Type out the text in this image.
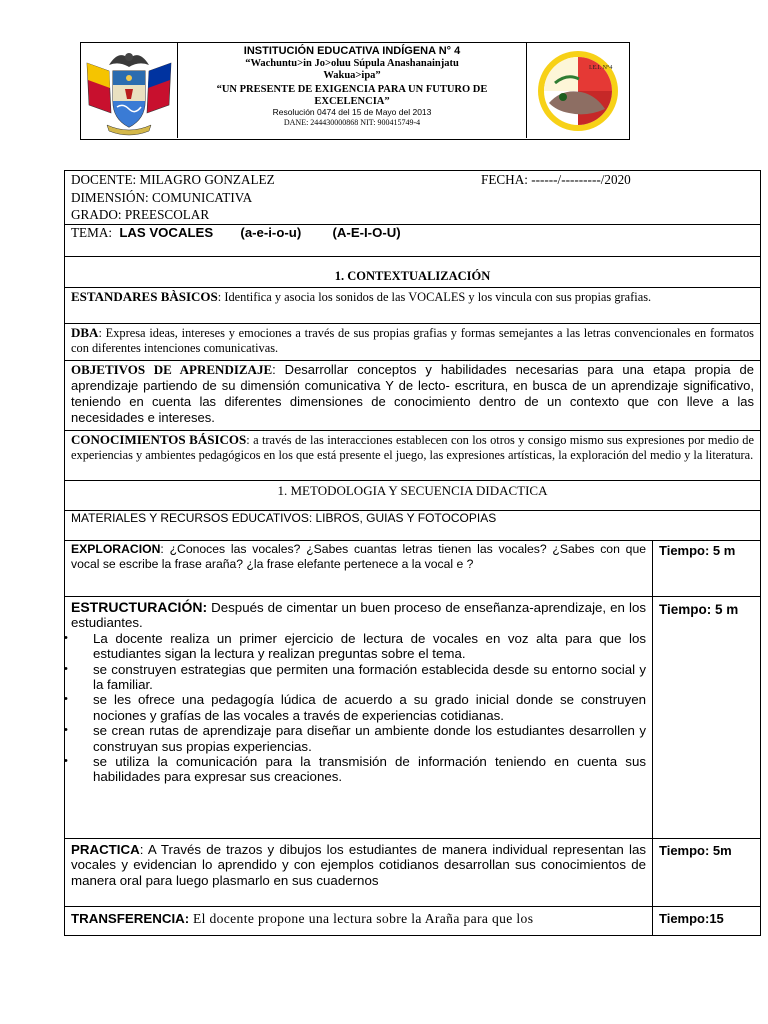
INSTITUCIÓN EDUCATIVA INDÍGENA N° 4
“Wachuntu>in Jo>oluu Súpula Anashanainjatu
Wakua>ipa”
“UN PRESENTE DE EXIGENCIA PARA UN FUTURO DE
EXCELENCIA”
Resolución 0474 del 15 de Mayo del 2013
DANE: 244430000868 NIT: 900415749-4
I.E.I. N°4
DOCENTE: MILAGRO GONZALEZ	FECHA: ------/---------/2020
DIMENSIÓN: COMUNICATIVA
GRADO: PREESCOLAR
TEMA: LAS VOCALES (a-e-i-o-u) (A-E-I-O-U)
1. CONTEXTUALIZACIÓN
ESTANDARES BÀSICOS: Identifica y asocia los sonidos de las VOCALES y los vincula con sus propias grafias.
DBA: Expresa ideas, intereses y emociones a través de sus propias grafias y formas semejantes a las letras convencionales en formatos con diferentes intenciones comunicativas.
OBJETIVOS DE APRENDIZAJE: Desarrollar conceptos y habilidades necesarias para una etapa propia de aprendizaje partiendo de su dimensión comunicativa Y de lecto- escritura, en busca de un aprendizaje significativo, teniendo en cuenta las diferentes dimensiones de conocimiento dentro de un contexto que con lleve a las necesidades e intereses.
CONOCIMIENTOS BÁSICOS: a través de las interacciones establecen con los otros y consigo mismo sus expresiones por medio de experiencias y ambientes pedagógicos en los que está presente el juego, las expresiones artísticas, la exploración del medio y la literatura.
1. METODOLOGIA Y SECUENCIA DIDACTICA
MATERIALES Y RECURSOS EDUCATIVOS: LIBROS, GUIAS Y FOTOCOPIAS
EXPLORACION: ¿Conoces las vocales? ¿Sabes cuantas letras tienen las vocales? ¿Sabes con que vocal se escribe la frase araña? ¿la frase elefante pertenece a la vocal e ?
Tiempo: 5 m
ESTRUCTURACIÓN: Después de cimentar un buen proceso de enseñanza-aprendizaje, en los estudiantes.
• La docente realiza un primer ejercicio de lectura de vocales en voz alta para que los estudiantes sigan la lectura y realizan preguntas sobre el tema.
• se construyen estrategias que permiten una formación establecida desde su entorno social y la familiar.
• se les ofrece una pedagogía lúdica de acuerdo a su grado inicial donde se construyen nociones y grafías de las vocales a través de experiencias cotidianas.
• se crean rutas de aprendizaje para diseñar un ambiente donde los estudiantes desarrollen y construyan sus propias experiencias.
• se utiliza la comunicación para la transmisión de información teniendo en cuenta sus habilidades para expresar sus creaciones.
Tiempo: 5 m
PRACTICA: A Través de trazos y dibujos los estudiantes de manera individual representan las vocales y evidencian lo aprendido y con ejemplos cotidianos desarrollan sus conocimientos de manera oral para luego plasmarlo en sus cuadernos
Tiempo: 5m
TRANSFERENCIA: El docente propone una lectura sobre la Araña para que los	Tiempo:15
